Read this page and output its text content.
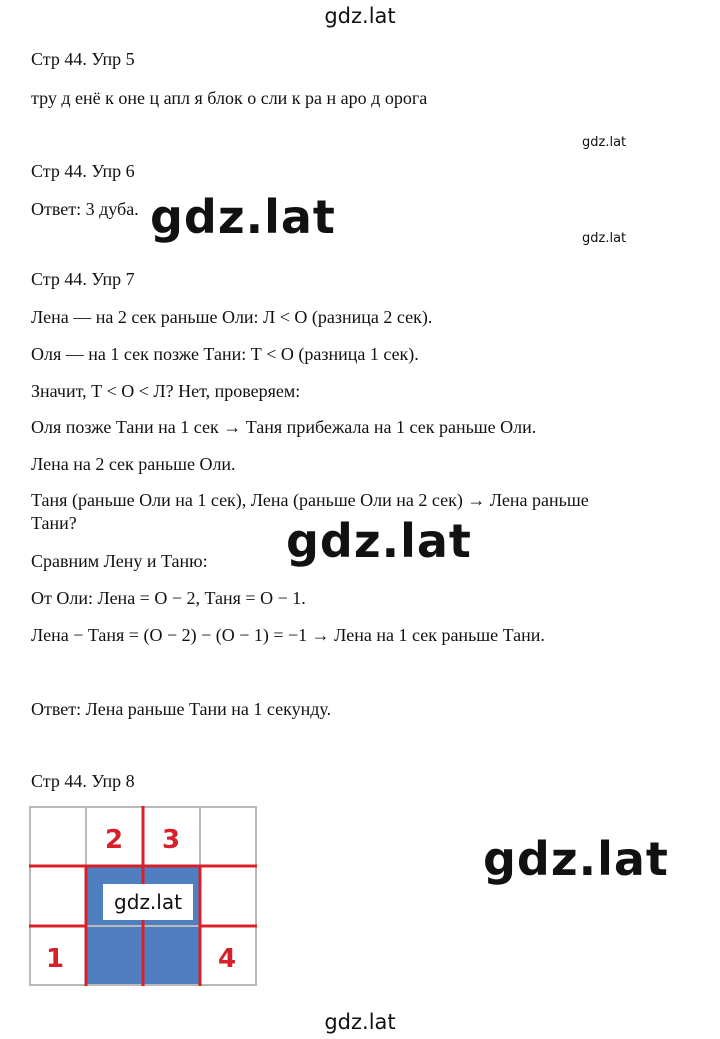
gdz.lat
Стр 44. Упр 5
тру д енё к оне ц апл я блок о сли к ра н аро д орога
gdz.lat
Стр 44. Упр 6
Ответ: 3 дуба. gdz.lat	gdz.lat
Стр 44. Упр 7
Лена — на 2 сек раньше Оли: Л < О (разница 2 сек).
Оля — на 1 сек позже Тани: Т < О (разница 1 сек).
Значит, Т < О < Л? Нет, проверяем:
Оля позже Тани на 1 сек → Таня прибежала на 1 сек раньше Оли.
Лена на 2 сек раньше Оли.
Таня (раньше Оли на 1 сек), Лена (раньше Оли на 2 сек) → Лена раньше
Тани?
Сравним Лену и Таню:
От Оли: Лена = О − 2, Таня = О − 1.
Лена − Таня = (О − 2) − (О − 1) = −1 → Лена на 1 сек раньше Тани.
Ответ: Лена раньше Тани на 1 секунду.
gdz.lat
Стр 44. Упр 8
2 3
1	4
gdz.lat
gdz.lat
gdz.lat
